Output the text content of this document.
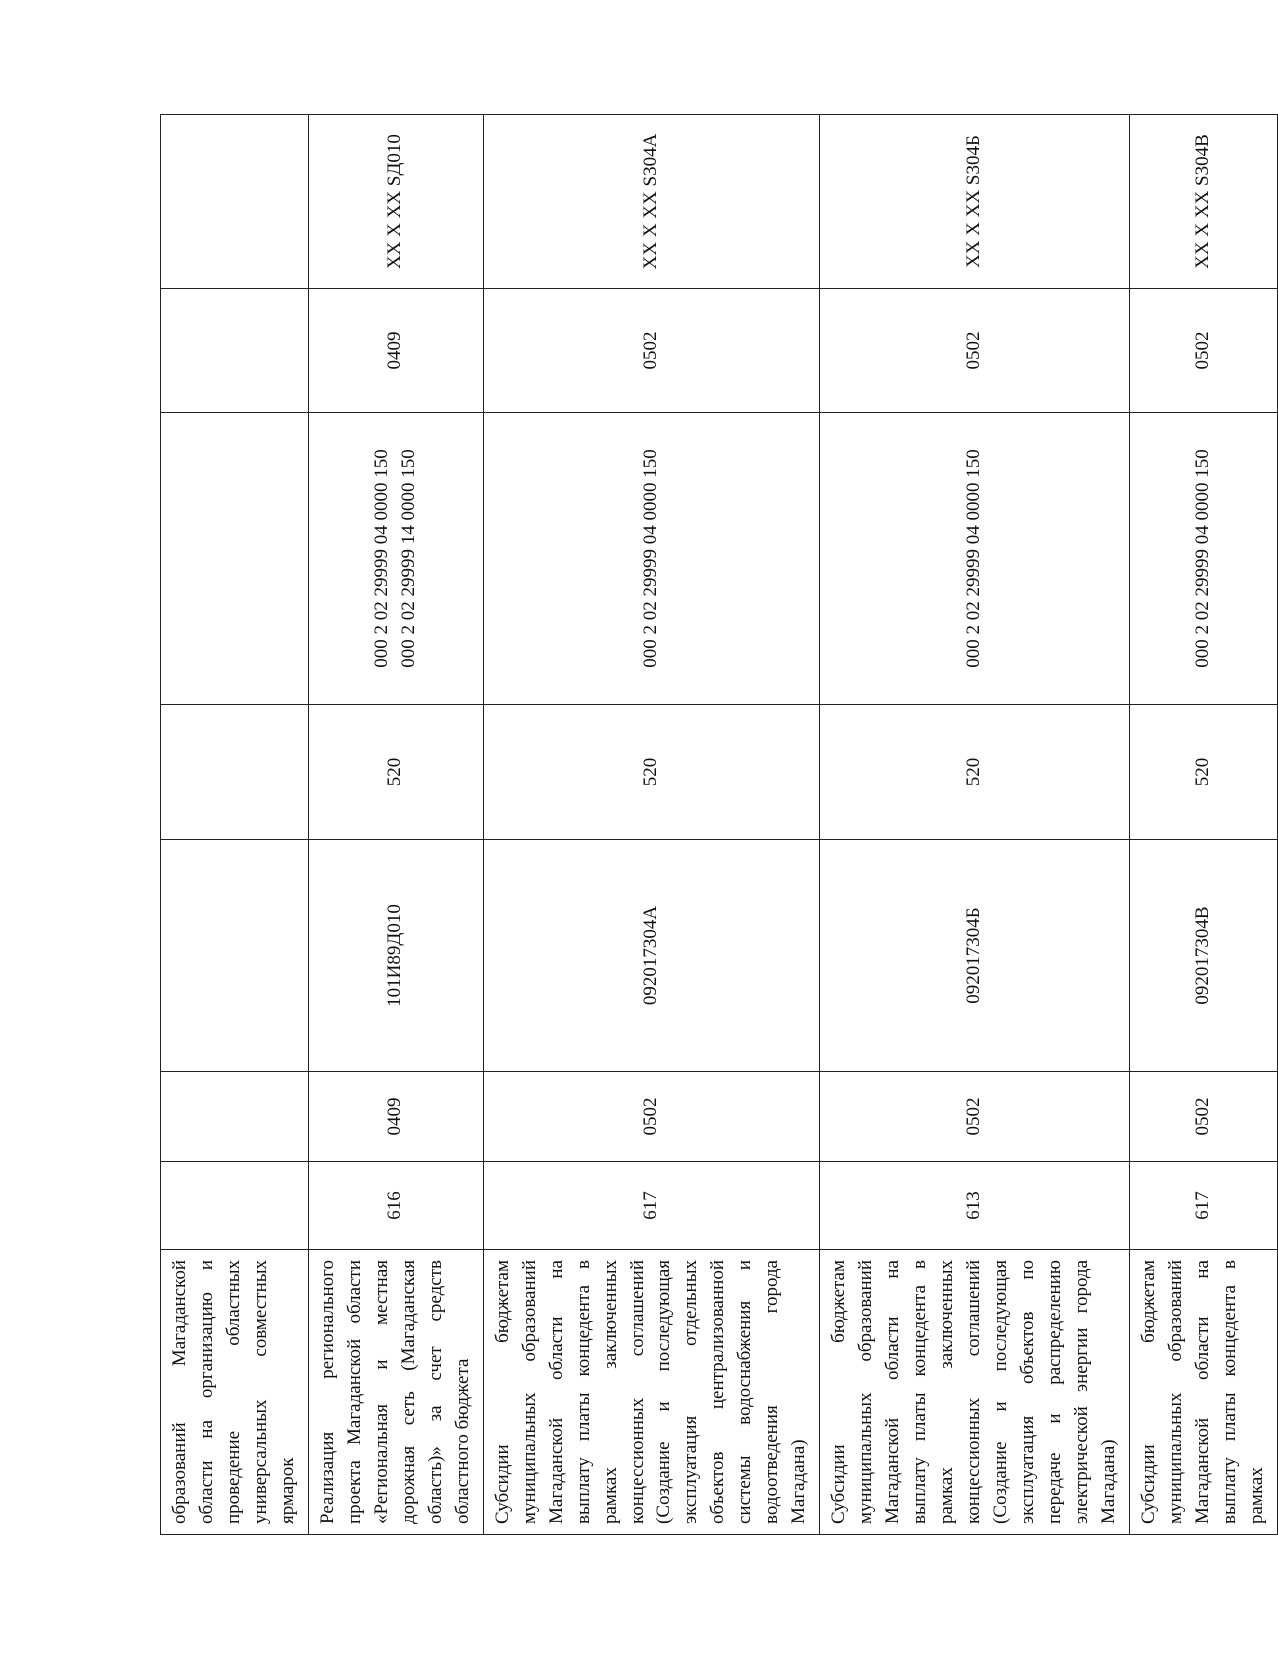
образований Магаданской области на организацию и проведение областных универсальных совместных ярмарок							

Реализация регионального проекта Магаданской области «Региональная и местная дорожная сеть (Магаданская область)» за счет средств областного бюджета	616	0409	101И89Д010	520	000 2 02 29999 04 0000 150 000 2 02 29999 14 0000 150	0409	XX X XX SД010

Субсидии бюджетам муниципальных образований Магаданской области на выплату платы концедента в рамках заключенных концессионных соглашений (Создание и последующая эксплуатация отдельных объектов централизованной системы водоснабжения и водоотведения города Магадана)	617	0502	092017304А	520	000 2 02 29999 04 0000 150	0502	XX X XX S304А

Субсидии бюджетам муниципальных образований Магаданской области на выплату платы концедента в рамках заключенных концессионных соглашений (Создание и последующая эксплуатация объектов по передаче и распределению электрической энергии города Магадана)	613	0502	092017304Б	520	000 2 02 29999 04 0000 150	0502	XX X XX S304Б

Субсидии бюджетам муниципальных образований Магаданской области на выплату платы концедента в рамках	617	0502	092017304В	520	000 2 02 29999 04 0000 150	0502	XX X XX S304В
